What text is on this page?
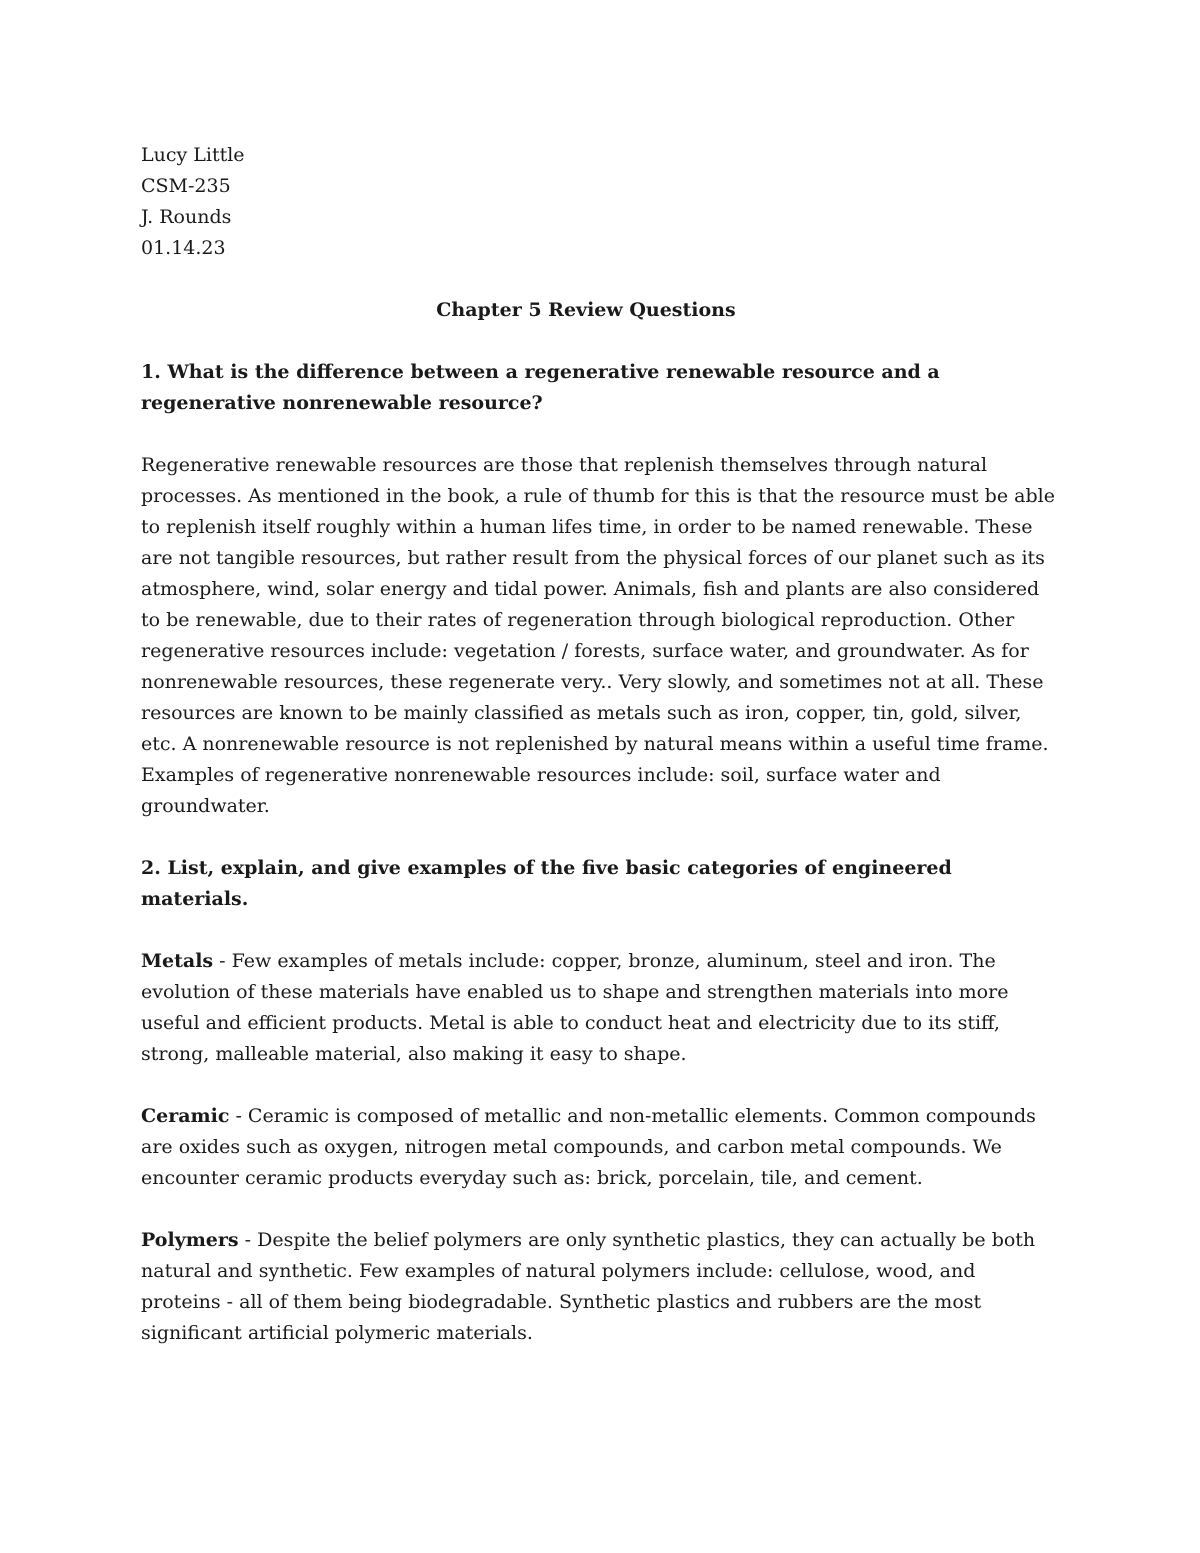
Lucy Little

CSM-235

J. Rounds

01.14.23

Chapter 5 Review Questions

1. What is the difference between a regenerative renewable resource and a regenerative nonrenewable resource?

Regenerative renewable resources are those that replenish themselves through natural processes. As mentioned in the book, a rule of thumb for this is that the resource must be able to replenish itself roughly within a human lifes time, in order to be named renewable. These are not tangible resources, but rather result from the physical forces of our planet such as its atmosphere, wind, solar energy and tidal power. Animals, fish and plants are also considered to be renewable, due to their rates of regeneration through biological reproduction. Other regenerative resources include: vegetation / forests, surface water, and groundwater. As for nonrenewable resources, these regenerate very.. Very slowly, and sometimes not at all. These resources are known to be mainly classified as metals such as iron, copper, tin, gold, silver, etc. A nonrenewable resource is not replenished by natural means within a useful time frame. Examples of regenerative nonrenewable resources include: soil, surface water and groundwater.

2. List, explain, and give examples of the five basic categories of engineered materials.

Metals - Few examples of metals include: copper, bronze, aluminum, steel and iron. The evolution of these materials have enabled us to shape and strengthen materials into more useful and efficient products. Metal is able to conduct heat and electricity due to its stiff, strong, malleable material, also making it easy to shape.

Ceramic - Ceramic is composed of metallic and non-metallic elements. Common compounds are oxides such as oxygen, nitrogen metal compounds, and carbon metal compounds. We encounter ceramic products everyday such as: brick, porcelain, tile, and cement.

Polymers - Despite the belief polymers are only synthetic plastics, they can actually be both natural and synthetic. Few examples of natural polymers include: cellulose, wood, and proteins - all of them being biodegradable. Synthetic plastics and rubbers are the most significant artificial polymeric materials.
